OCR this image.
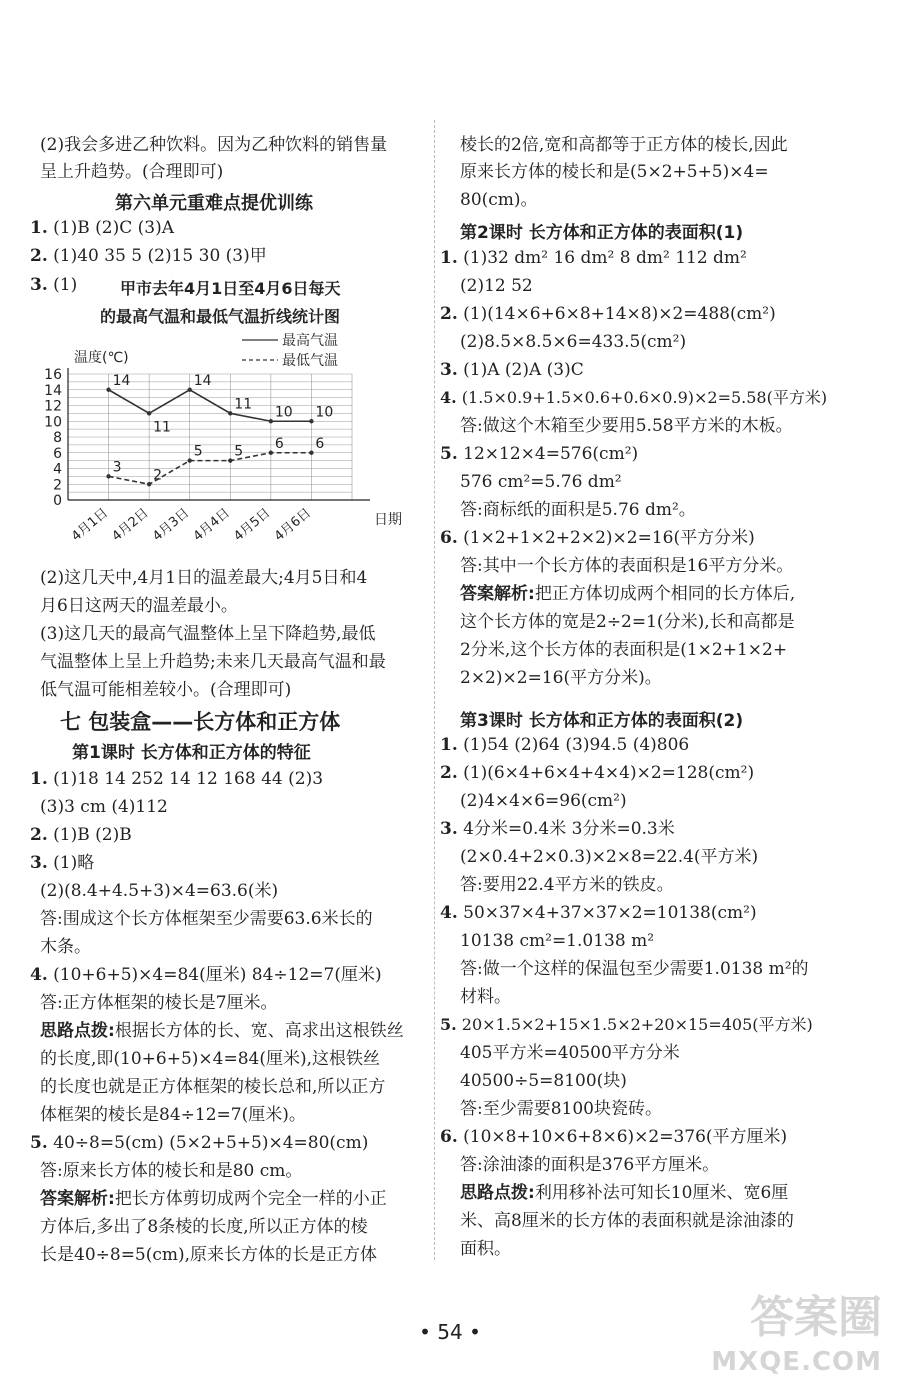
(2)我会多进乙种饮料。因为乙种饮料的销售量
呈上升趋势。(合理即可)
第六单元重难点提优训练
1. (1)B (2)C (3)A
2. (1)40 35 5 (2)15 30 (3)甲
3. (1)	甲市去年4月1日至4月6日每天
的最高气温和最低气温折线统计图
0
2
4
6
8
10
12
14
16
温度(℃)
日期
4月1日
4月2日
4月3日
4月4日
4月5日
4月6日
最高气温
最低气温
14
11
14
11 10 10
3 2
5 5 6 6
(2)这几天中,4月1日的温差最大;4月5日和4
月6日这两天的温差最小。
(3)这几天的最高气温整体上呈下降趋势,最低
气温整体上呈上升趋势;未来几天最高气温和最
低气温可能相差较小。(合理即可)
七 包装盒——长方体和正方体
第1课时 长方体和正方体的特征
1. (1)18 14 252 14 12 168 44 (2)3
(3)3 cm (4)112
2. (1)B (2)B
3. (1)略
(2)(8.4+4.5+3)×4=63.6(米)
答:围成这个长方体框架至少需要63.6米长的
木条。
4. (10+6+5)×4=84(厘米) 84÷12=7(厘米)
答:正方体框架的棱长是7厘米。
思路点拨:根据长方体的长、宽、高求出这根铁丝
的长度,即(10+6+5)×4=84(厘米),这根铁丝
的长度也就是正方体框架的棱长总和,所以正方
体框架的棱长是84÷12=7(厘米)。
5. 40÷8=5(cm) (5×2+5+5)×4=80(cm)
答:原来长方体的棱长和是80 cm。
答案解析:把长方体剪切成两个完全一样的小正
方体后,多出了8条棱的长度,所以正方体的棱
长是40÷8=5(cm),原来长方体的长是正方体
棱长的2倍,宽和高都等于正方体的棱长,因此
原来长方体的棱长和是(5×2+5+5)×4=
80(cm)。
第2课时 长方体和正方体的表面积(1)
1. (1)32 dm² 16 dm² 8 dm² 112 dm²
(2)12 52
2. (1)(14×6+6×8+14×8)×2=488(cm²)
(2)8.5×8.5×6=433.5(cm²)
3. (1)A (2)A (3)C
4. (1.5×0.9+1.5×0.6+0.6×0.9)×2=5.58(平方米)
答:做这个木箱至少要用5.58平方米的木板。
5. 12×12×4=576(cm²)
576 cm²=5.76 dm²
答:商标纸的面积是5.76 dm²。
6. (1×2+1×2+2×2)×2=16(平方分米)
答:其中一个长方体的表面积是16平方分米。
答案解析:把正方体切成两个相同的长方体后,
这个长方体的宽是2÷2=1(分米),长和高都是
2分米,这个长方体的表面积是(1×2+1×2+
2×2)×2=16(平方分米)。
第3课时 长方体和正方体的表面积(2)
1. (1)54 (2)64 (3)94.5 (4)806
2. (1)(6×4+6×4+4×4)×2=128(cm²)
(2)4×4×6=96(cm²)
3. 4分米=0.4米 3分米=0.3米
(2×0.4+2×0.3)×2×8=22.4(平方米)
答:要用22.4平方米的铁皮。
4. 50×37×4+37×37×2=10138(cm²)
10138 cm²=1.0138 m²
答:做一个这样的保温包至少需要1.0138 m²的
材料。
5. 20×1.5×2+15×1.5×2+20×15=405(平方米)
405平方米=40500平方分米
40500÷5=8100(块)
答:至少需要8100块瓷砖。
6. (10×8+10×6+8×6)×2=376(平方厘米)
答:涂油漆的面积是376平方厘米。
思路点拨:利用移补法可知长10厘米、宽6厘
米、高8厘米的长方体的表面积就是涂油漆的
面积。
• 54 •	答案圈
MXQE.COM
